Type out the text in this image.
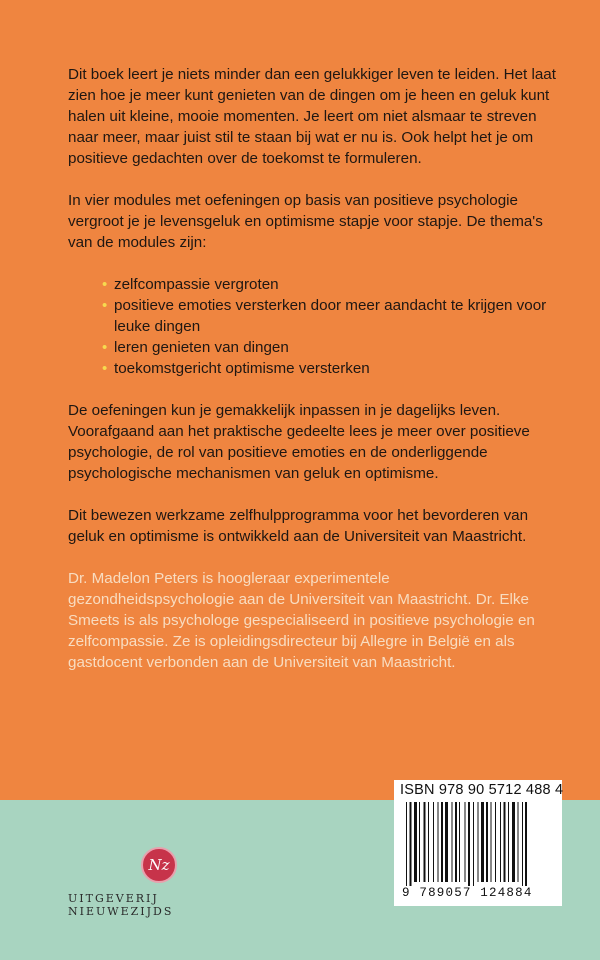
Dit boek leert je niets minder dan een gelukkiger leven te leiden. Het laat zien hoe je meer kunt genieten van de dingen om je heen en geluk kunt halen uit kleine, mooie momenten. Je leert om niet alsmaar te streven naar meer, maar juist stil te staan bij wat er nu is. Ook helpt het je om positieve gedachten over de toekomst te formuleren.

In vier modules met oefeningen op basis van positieve psychologie vergroot je je levensgeluk en optimisme stapje voor stapje. De thema's van de modules zijn:

• zelfcompassie vergroten
• positieve emoties versterken door meer aandacht te krijgen voor leuke dingen
• leren genieten van dingen
• toekomstgericht optimisme versterken

De oefeningen kun je gemakkelijk inpassen in je dagelijks leven. Voorafgaand aan het praktische gedeelte lees je meer over positieve psychologie, de rol van positieve emoties en de onderliggende psychologische mechanismen van geluk en optimisme.

Dit bewezen werkzame zelfhulpprogramma voor het bevorderen van geluk en optimisme is ontwikkeld aan de Universiteit van Maastricht.

Dr. Madelon Peters is hoogleraar experimentele gezondheidspsychologie aan de Universiteit van Maastricht. Dr. Elke Smeets is als psychologe gespecialiseerd in positieve psychologie en zelfcompassie. Ze is opleidingsdirecteur bij Allegre in België en als gastdocent verbonden aan de Universiteit van Maastricht.

ISBN 978 90 5712 488 4
9 789057 124884
Nz
UITGEVERIJ NIEUWEZIJDS
